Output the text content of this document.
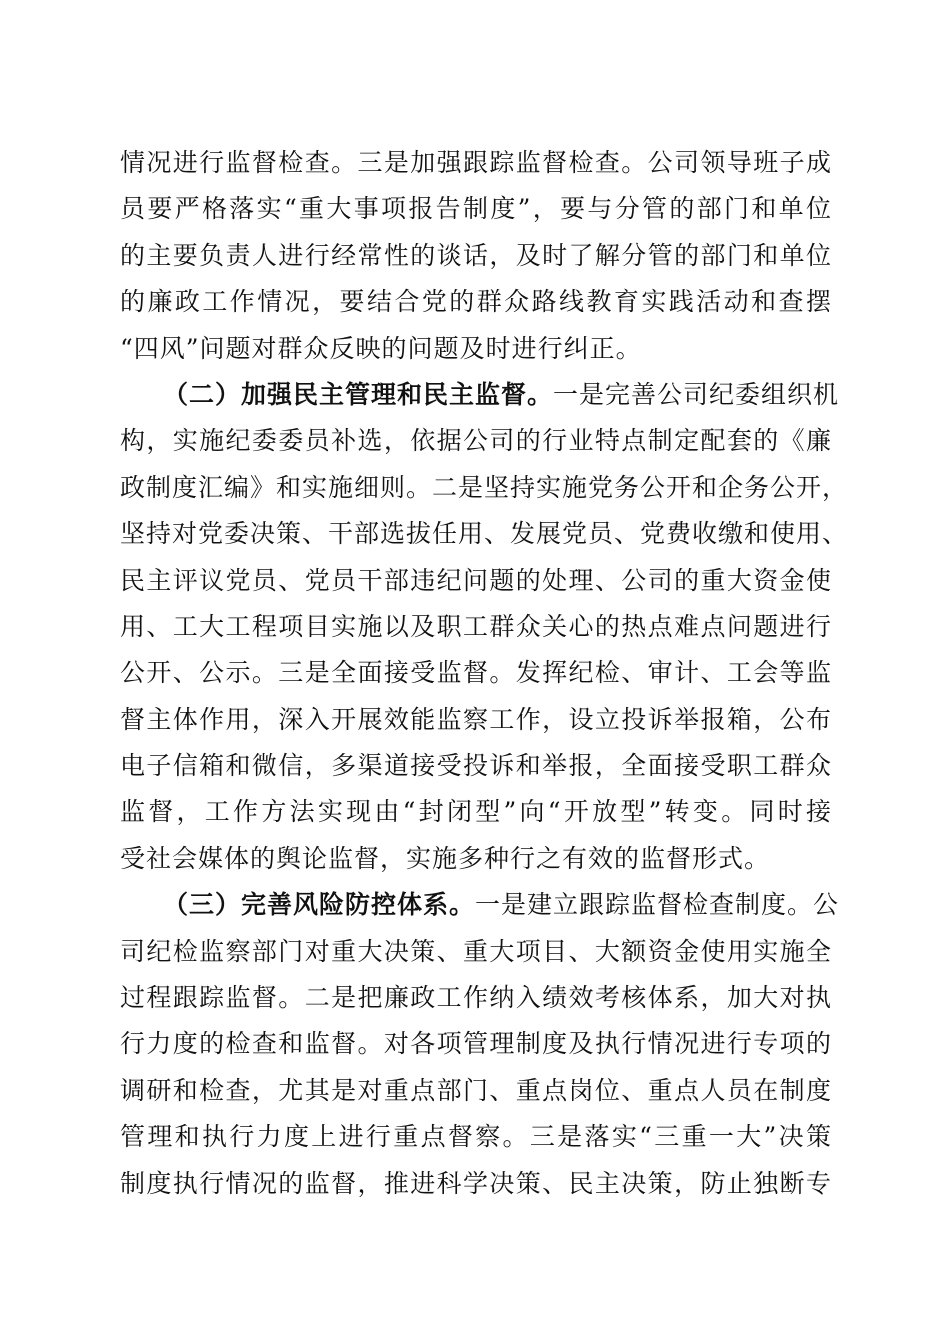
情况进行监督检查。三是加强跟踪监督检查。公司领导班子成
员要严格落实“重大事项报告制度”，要与分管的部门和单位
的主要负责人进行经常性的谈话，及时了解分管的部门和单位
的廉政工作情况，要结合党的群众路线教育实践活动和查摆
“四风”问题对群众反映的问题及时进行纠正。
（二）加强民主管理和民主监督。一是完善公司纪委组织机
构，实施纪委委员补选，依据公司的行业特点制定配套的《廉
政制度汇编》和实施细则。二是坚持实施党务公开和企务公开，
坚持对党委决策、干部选拔任用、发展党员、党费收缴和使用、
民主评议党员、党员干部违纪问题的处理、公司的重大资金使
用、工大工程项目实施以及职工群众关心的热点难点问题进行
公开、公示。三是全面接受监督。发挥纪检、审计、工会等监
督主体作用，深入开展效能监察工作，设立投诉举报箱，公布
电子信箱和微信，多渠道接受投诉和举报，全面接受职工群众
监督，工作方法实现由“封闭型”向“开放型”转变。同时接
受社会媒体的舆论监督，实施多种行之有效的监督形式。
（三）完善风险防控体系。一是建立跟踪监督检查制度。公
司纪检监察部门对重大决策、重大项目、大额资金使用实施全
过程跟踪监督。二是把廉政工作纳入绩效考核体系，加大对执
行力度的检查和监督。对各项管理制度及执行情况进行专项的
调研和检查，尤其是对重点部门、重点岗位、重点人员在制度
管理和执行力度上进行重点督察。三是落实“三重一大”决策
制度执行情况的监督，推进科学决策、民主决策，防止独断专
